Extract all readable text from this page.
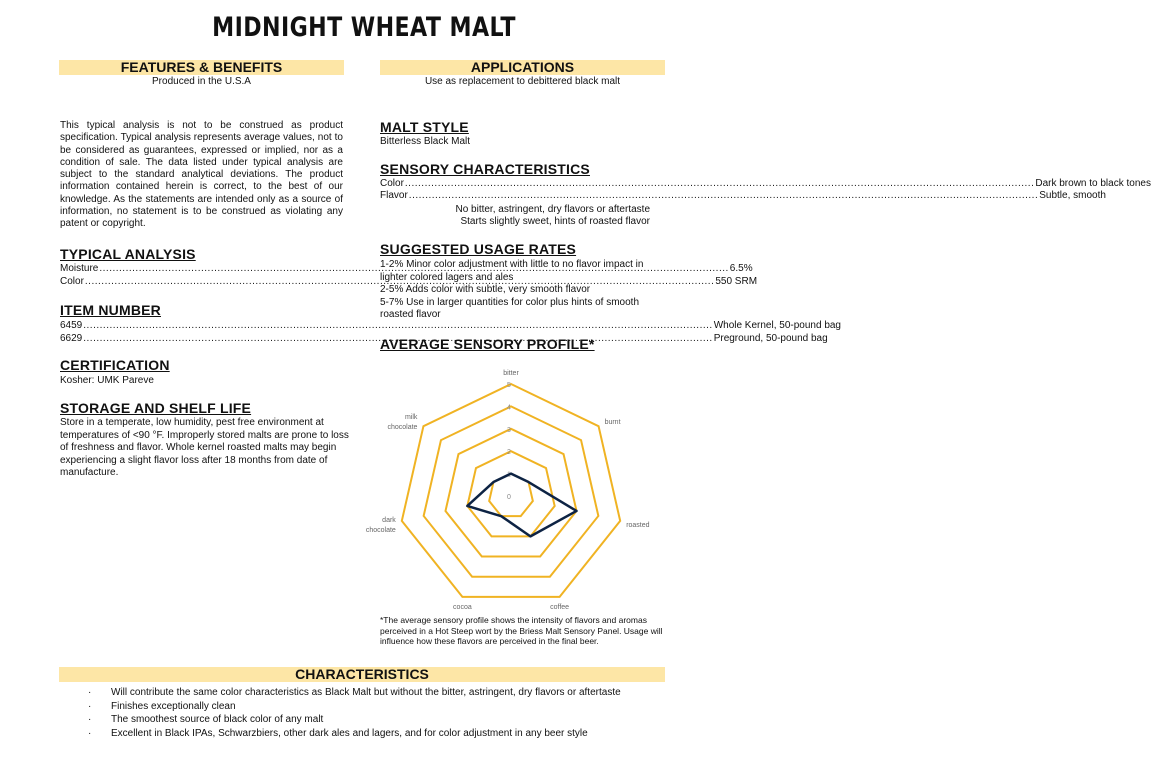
MIDNIGHT WHEAT MALT
FEATURES & BENEFITS
Produced in the U.S.A
APPLICATIONS
Use as replacement to debittered black malt
This typical analysis is not to be construed as product specification. Typical analysis represents average values, not to be considered as guarantees, expressed or implied, nor as a condition of sale. The data listed under typical analysis are subject to the standard analytical deviations. The product information contained herein is correct, to the best of our knowledge. As the statements are intended only as a source of information, no statement is to be construed as violating any patent or copyright.
TYPICAL ANALYSIS
Moisture .....	6.5%
Color .....	550 SRM
ITEM NUMBER
6459 .....	Whole Kernel, 50-pound bag
6629 .....	Preground, 50-pound bag
CERTIFICATION
Kosher: UMK Pareve
STORAGE AND SHELF LIFE
Store in a temperate, low humidity, pest free environment at temperatures of <90 °F. Improperly stored malts are prone to loss of freshness and flavor. Whole kernel roasted malts may begin experiencing a slight flavor loss after 18 months from date of manufacture.
MALT STYLE
Bitterless Black Malt
SENSORY CHARACTERISTICS
Color .....	Dark brown to black tones
Flavor .....	Subtle, smooth
No bitter, astringent, dry flavors or aftertaste
Starts slightly sweet, hints of roasted flavor
SUGGESTED USAGE RATES
1-2% Minor color adjustment with little to no flavor impact in lighter colored lagers and ales
2-5% Adds color with subtle, very smooth flavor
5-7% Use in larger quantities for color plus hints of smooth roasted flavor
AVERAGE SENSORY PROFILE*
0
1
2
3
4
5
bitter
burnt
roasted
coffee
cocoa
dark chocolate
milk chocolate
*The average sensory profile shows the intensity of flavors and aromas perceived in a Hot Steep wort by the Briess Malt Sensory Panel. Usage will influence how these flavors are perceived in the final beer.
CHARACTERISTICS
· Will contribute the same color characteristics as Black Malt but without the bitter, astringent, dry flavors or aftertaste
· Finishes exceptionally clean
· The smoothest source of black color of any malt
· Excellent in Black IPAs, Schwarzbiers, other dark ales and lagers, and for color adjustment in any beer style
